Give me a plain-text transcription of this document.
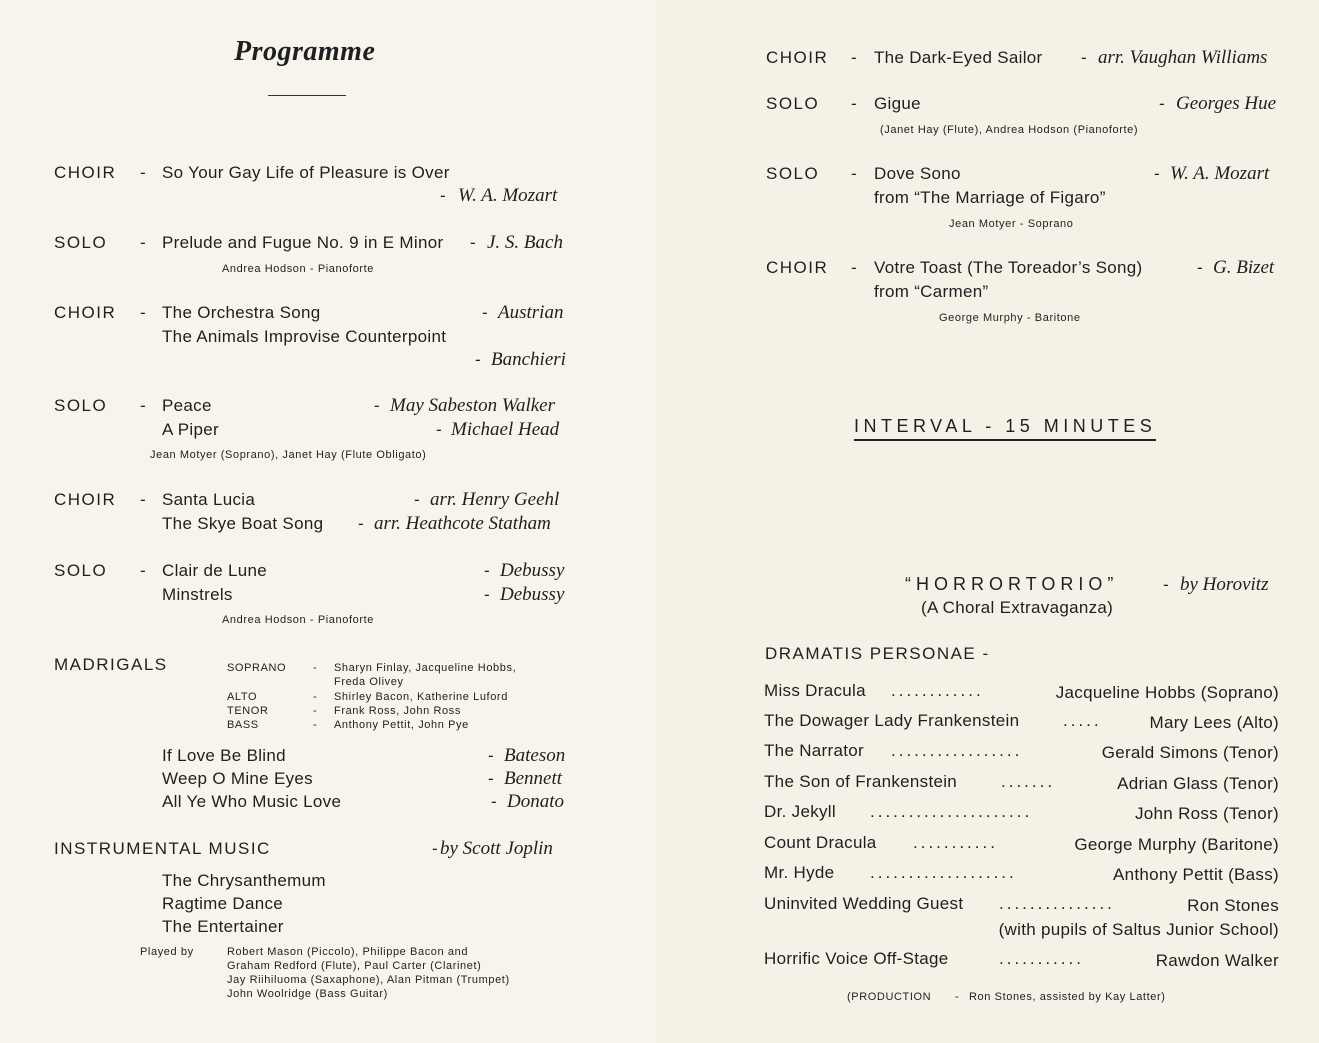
Programme
CHOIR - So Your Gay Life of Pleasure is Over
- W. A. Mozart
SOLO - Prelude and Fugue No. 9 in E Minor - J. S. Bach
Andrea Hodson - Pianoforte
CHOIR - The Orchestra Song	- Austrian
The Animals Improvise Counterpoint
- Banchieri
SOLO - Peace	- May Sabeston Walker
A Piper	- Michael Head
Jean Motyer (Soprano), Janet Hay (Flute Obligato)
CHOIR - Santa Lucia	- arr. Henry Geehl
The Skye Boat Song - arr. Heathcote Statham
SOLO - Clair de Lune	- Debussy
Minstrels	- Debussy
Andrea Hodson - Pianoforte
MADRIGALS	SOPRANO - Sharyn Finlay, Jacqueline Hobbs,
Freda Olivey
ALTO	- Shirley Bacon, Katherine Luford
TENOR	- Frank Ross, John Ross
BASS	- Anthony Pettit, John Pye
If Love Be Blind	- Bateson
Weep O Mine Eyes	- Bennett
All Ye Who Music Love	- Donato
INSTRUMENTAL MUSIC	- by Scott Joplin
The Chrysanthemum
Ragtime Dance
The Entertainer
Played by	Robert Mason (Piccolo), Philippe Bacon and
Graham Redford (Flute), Paul Carter (Clarinet)
Jay Riihiluoma (Saxaphone), Alan Pitman (Trumpet)
John Woolridge (Bass Guitar)
CHOIR - The Dark-Eyed Sailor - arr. Vaughan Williams
SOLO - Gigue	- Georges Hue
(Janet Hay (Flute), Andrea Hodson (Pianoforte)
SOLO - Dove Sono	- W. A. Mozart
from “The Marriage of Figaro”
Jean Motyer - Soprano
CHOIR - Votre Toast (The Toreador’s Song)	- G. Bizet
from “Carmen”
George Murphy - Baritone
INTERVAL - 15 MINUTES
“HORRORTORIO”	- by Horovitz
(A Choral Extravaganza)
DRAMATIS PERSONAE -
Miss Dracula ............	Jacqueline Hobbs (Soprano)
The Dowager Lady Frankenstein	.....	Mary Lees (Alto)
The Narrator .................	Gerald Simons (Tenor)
The Son of Frankenstein	.......	Adrian Glass (Tenor)
Dr. Jekyll .....................	John Ross (Tenor)
Count Dracula ...........	George Murphy (Baritone)
Mr. Hyde ...................	Anthony Pettit (Bass)
Uninvited Wedding Guest ...............	Ron Stones
(with pupils of Saltus Junior School)
Horrific Voice Off-Stage	...........	Rawdon Walker
(PRODUCTION - Ron Stones, assisted by Kay Latter)
